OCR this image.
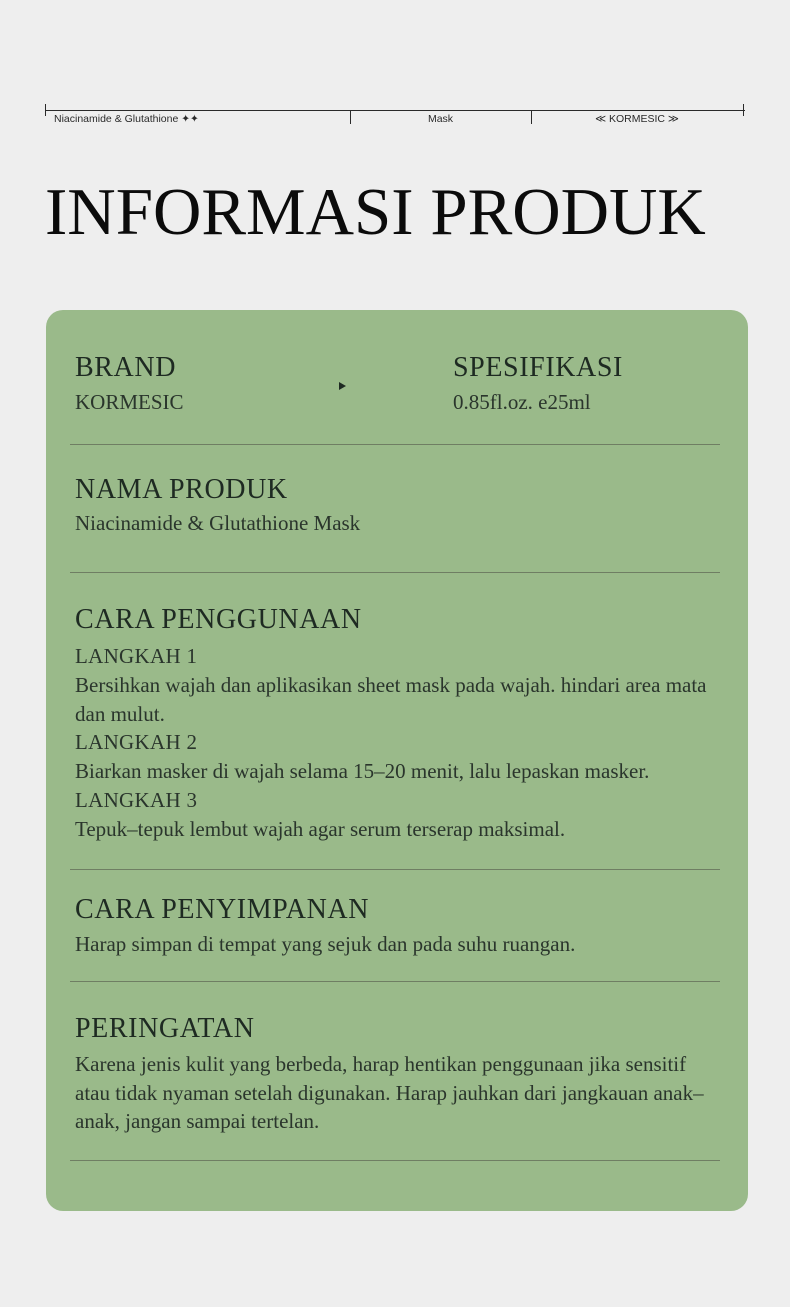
Niacinamide & Glutathione ✦✦	Mask	≪ KORMESIC ≫
INFORMASI PRODUK
BRAND
KORMESIC
SPESIFIKASI
0.85fl.oz. e25ml
NAMA PRODUK
Niacinamide & Glutathione Mask
CARA PENGGUNAAN
LANGKAH 1
Bersihkan wajah dan aplikasikan sheet mask pada wajah. hindari area mata dan mulut.
LANGKAH 2
Biarkan masker di wajah selama 15–20 menit, lalu lepaskan masker.
LANGKAH 3
Tepuk–tepuk lembut wajah agar serum terserap maksimal.
CARA PENYIMPANAN
Harap simpan di tempat yang sejuk dan pada suhu ruangan.
PERINGATAN
Karena jenis kulit yang berbeda, harap hentikan penggunaan jika sensitif atau tidak nyaman setelah digunakan. Harap jauhkan dari jangkauan anak–anak, jangan sampai tertelan.
